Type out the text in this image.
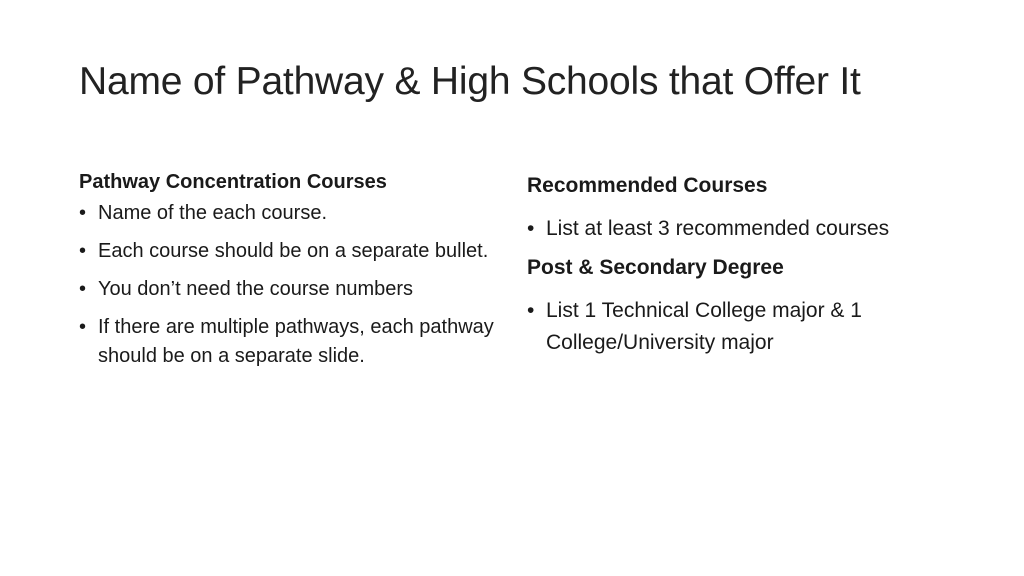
Name of Pathway & High Schools that Offer It
Pathway Concentration Courses
• Name of the each course.
• Each course should be on a separate bullet.
• You don’t need the course numbers
• If there are multiple pathways, each pathway should be on a separate slide.
Recommended Courses
• List at least 3 recommended courses
Post & Secondary Degree
• List 1 Technical College major & 1 College/University major
